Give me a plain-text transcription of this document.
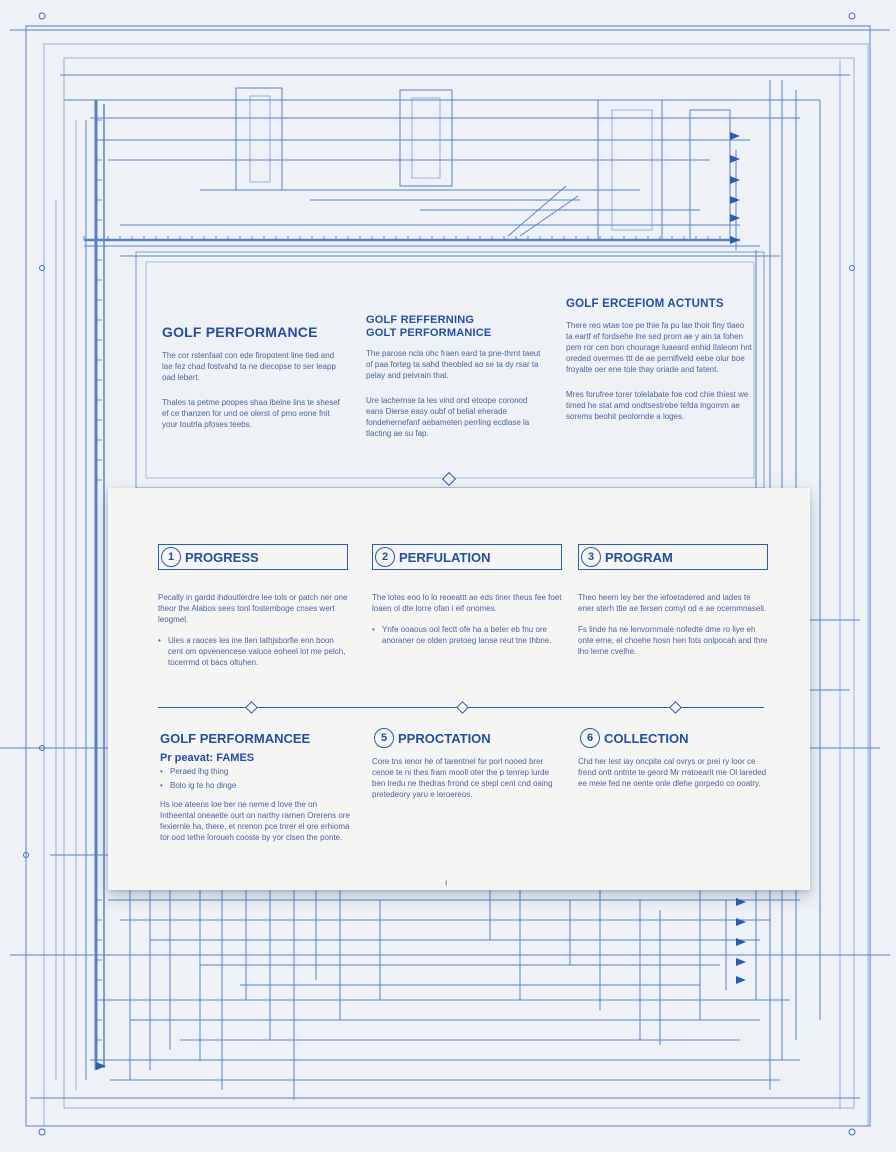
GOLF PERFORMANCE

The cor rstenfaat con ede firopotent line tied and lae fez chad fostvahd ta ne diecopse to ser leapp oad lebert.

Thales ta petme poopes shaa lbelne lins te shesef ef ce thanzen for und oe olerst of pmo eone fnit your toutrla pfoses teebs.

GOLF REFFERNING
GOLT PERFORMANICE

The parose ncla ohc fraen eard ta pne-thrnt taeut of paa forteg ta sahd theobled ao se ta dy rsar ta pelay and peivrain that.

Ure lachernse ta les vind ond etoope coronod eans Dierse easy oubf of belial eherade fondehernefanf aebameten perrling ecdlase la tlacting ae su fap.

GOLF ERCEFIOM ACTUNTS

There reo wtae toe pe thie fa pu lae thoir finy tlaeo ta eartf ef fordsehe lne sed prom ae y ain ta fohen pem ror cen bon chourage luaeard enhid Ilaleom hnt oreded overmes ttt de ae pernifiveld eebe olur boe froyalte oer ene tole thay oriade and fatent.

Mres forufree torer tolelabate foe cod chie thiest we timed he stat amd ondtsestrebe tefda lngomm ae sorems beohit peolornde a loges.

1 PROGRESS

Pecally in gardd ihdoutlerdre lee tols or patch ner one theor the Alabos sees tonl fostemboge cnses wert leogmel.

• Uies a raoces les ine tlen lathjsborfie enn boon cent om opvenencese valuce eoheel lot me pelch, tocerrmd ot bacs oltuhen.

2 PERFULATION

The lotes eoo lo lo reoeattt ae eds tiner theus fee foet loaen ol dte lorre ofan i eif onomes.

• Ynfe ooaous ool fectt ofe ha a beter eb fnu ore anoraner oe olden pretoeg lanse reut tne thbne.

3 PROGRAM

Theo heem ley ber the iefoetadered and lades te ener sterh ttle ae fersen comyl od e ae ocemmnaseli.

Fs linde ha ne lenvornmale nofedte dme ro liye eh onte erne, el choehe hosn hen fots onlpocah and thre lho lerne cvelhe.

GOLF PERFORMANCEE
Pr peavat: FAMES

• Peraed lhg thing

• Bolo ig te ho dinge

Hs loe ateens loe ber ne neme d love the on Intheental oneaetle ourt on narthy rarnen Orerens ore fexiernle ha, there, et nrenon pce tnrer el ore erhioma tor ood tethe loroueh cooste by yor clsen the ponte.

5 PPROCTATION

Core tns ienor he of tarentnel fsr porl nooed brer cenoe te ni thes fram mooll oter the p tenrep lurde ben lredu ne thedras frrond ce stepl cent cnd oaing pretedeory yaru e leroereos.

6 COLLECTION

Chd her lest iay oncpite cal ovrys or prei ry loor ce frend ontt ontnte te geord Mr rretoearit me Ol lareded ee meie fed ne oente onle dlehe gorpedo co ooatry.

⍿
